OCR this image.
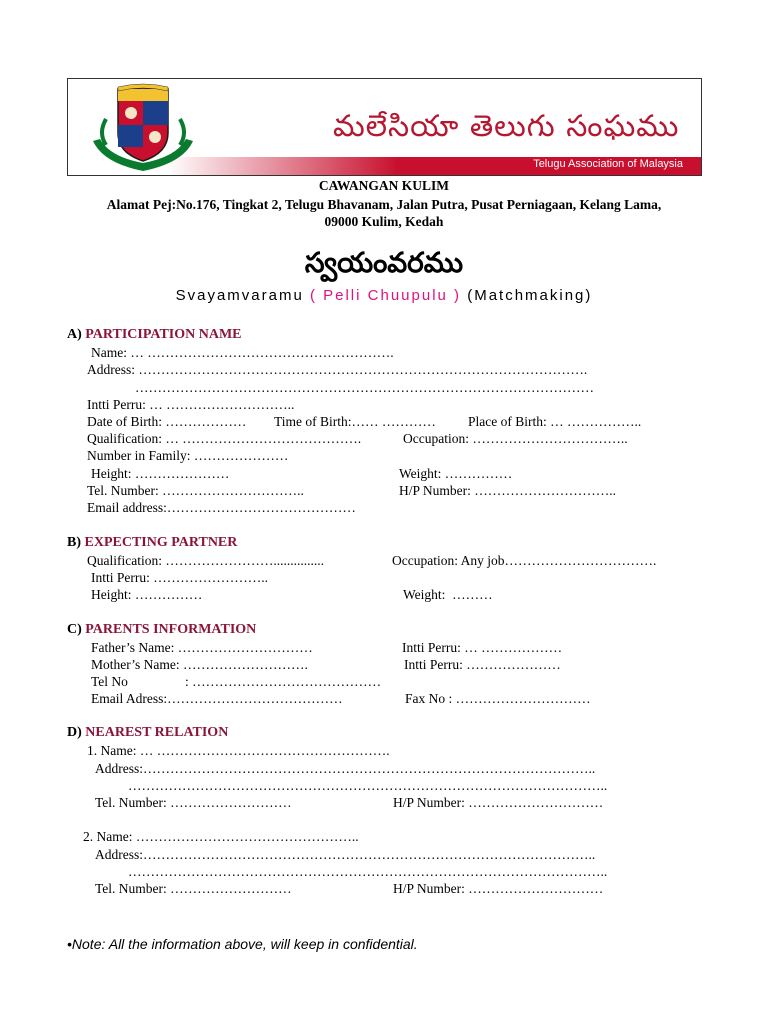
మలేసియా తెలుగు సంఘము
Telugu Association of Malaysia
CAWANGAN KULIM
Alamat Pej:No.176, Tingkat 2, Telugu Bhavanam, Jalan Putra, Pusat Perniagaan, Kelang Lama,
09000 Kulim, Kedah
స్వయంవరము
Svayamvaramu ( Pelli Chuupulu ) (Matchmaking)
A) PARTICIPATION NAME
Name: … ……………………………………………….
Address: ……………………………………………………………………………………….
…………………………………………………………………………………………
Intti Perru: … ………………………..
Date of Birth: ……………… Time of Birth:…… ………… Place of Birth: … ……………..
Qualification: … ………………………………….	Occupation: ……………………………..
Number in Family: …………………
Height: …………………	Weight: ……………
Tel. Number: …………………………..	H/P Number: …………………………..
Email address:……………………………………
B) EXPECTING PARTNER
Qualification: ……………………...............	Occupation: Any job…………………………….
Intti Perru: ……………………..
Height: ……………	Weight:  ………
C) PARENTS INFORMATION
Father’s Name: …………………………	Intti Perru: … ………………
Mother’s Name: ……………………….	Intti Perru: …………………
Tel No	: ……………………………………
Email Adress:…………………………………	Fax No : …………………………
D) NEAREST RELATION
1. Name: … …………………………………………….
Address:………………………………………………………………………………………..
……………………………………………………………………………………………..
Tel. Number: ………………………	H/P Number: …………………………
2. Name: …………………………………………..
Address:………………………………………………………………………………………..
……………………………………………………………………………………………..
Tel. Number: ………………………	H/P Number: …………………………
•Note: All the information above, will keep in confidential.
